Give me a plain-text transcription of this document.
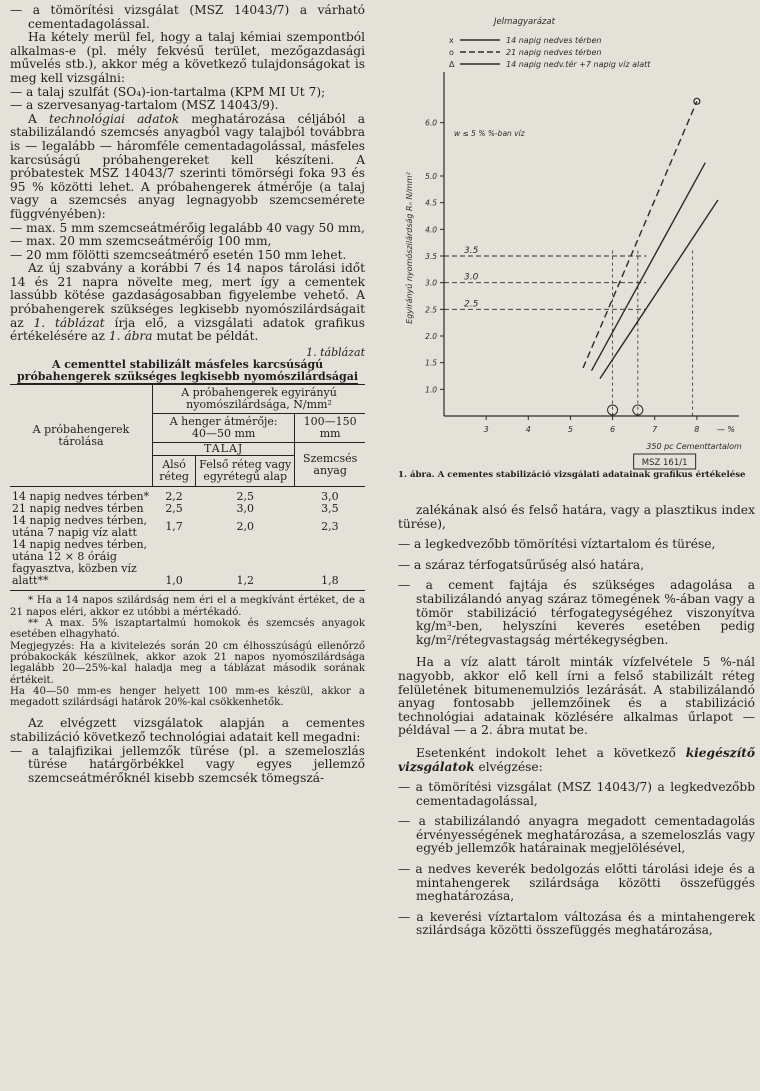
— a tömörítési vizsgálat (MSZ 14043/7) a várható cementadagolással.

Ha kétely merül fel, hogy a talaj kémiai szempontból alkalmas-e (pl. mély fekvésű terület, mezőgazdasági művelés stb.), akkor még a következő tulajdonságokat is meg kell vizsgálni:

— a talaj szulfát (SO₄)-ion-tartalma (KPM MI Ut 7);

— a szervesanyag-tartalom (MSZ 14043/9).

A technológiai adatok meghatározása céljából a stabilizálandó szemcsés anyagból vagy talajból továbbra is — legalább — háromféle cementadagolással, másfeles karcsúságú próbahengereket kell készíteni. A próbatestek MSZ 14043/7 szerinti tömörségi foka 93 és 95 % közötti lehet. A próbahengerek átmérője (a talaj vagy a szemcsés anyag legnagyobb szemcsemérete függvényében):

— max. 5 mm szemcseátmérőig legalább 40 vagy 50 mm,

— max. 20 mm szemcseátmérőig 100 mm,

— 20 mm fölötti szemcseátmérő esetén 150 mm lehet.

Az új szabvány a korábbi 7 és 14 napos tárolási időt 14 és 21 napra növelte meg, mert így a cementek lassúbb kötése gazdaságosabban figyelembe vehető. A próbahengerek szükséges legkisebb nyomószilárdságait az 1. táblázat írja elő, a vizsgálati adatok grafikus értékelésére az 1. ábra mutat be példát.

1. táblázat
A cementtel stabilizált másfeles karcsúságú
próbahengerek szükséges legkisebb nyomószilárdságai
A próbahengerek tárolása	A próbahengerek egyirányú nyomószilárdsága, N/mm²		
	A henger átmérője: 40—50 mm		100—150 mm
	TALAJ		Szemcsés anyag
	Alsó réteg	Felső réteg vagy egyrétegű alap	
14 napig nedves térben*	2,2	2,5	3,0
21 napig nedves térben	2,5	3,0	3,5
14 napig nedves térben, utána 7 napig víz alatt	1,7	2,0	2,3
14 napig nedves térben, utána 12 × 8 óráig fagyasztva, közben víz alatt**	1,0	1,2	1,8

* Ha a 14 napos szilárdság nem éri el a megkívánt értéket, de a 21 napos eléri, akkor ez utóbbi a mértékadó.

** A max. 5% iszaptartalmú homokok és szemcsés anyagok esetében elhagyható.

Megjegyzés: Ha a kivitelezés során 20 cm élhosszúságú ellenőrző próbakockák készülnek, akkor azok 21 napos nyomószilárdsága legalább 20—25%-kal haladja meg a táblázat második sorának értékeit.

Ha 40—50 mm-es henger helyett 100 mm-es készül, akkor a megadott szilárdsági határok 20%-kal csökkenhetők.

Az elvégzett vizsgálatok alapján a cementes stabilizáció következő technológiai adatait kell megadni:

— a talajfizikai jellemzők türése (pl. a szemeloszlás türése határgörbékkel vagy egyes jellemző szemcseátmérőknél kisebb szemcsék tömegszá-

1.0
1.5
2.0
2.5
3.0
3.5
4.0
4.5
5.0
6.0
3	4	5	6	7	8
3.5
3.0
2.5
Egyirányú nyomószilárdság Rₙ N/mm²
w ≤ 5 % %-ban víz
— %
350 pc Cementtartalom
MSZ 161/1
Jelmagyarázat
x	14 napig nedves térben
o	21 napig nedves térben
Δ	14 napig nedv.tér +7 napig víz alatt
1. ábra. A cementes stabilizáció vizsgálati adatainak grafikus értékelése

zalékának alsó és felső határa, vagy a plasztikus index türése),

— a legkedvezőbb tömörítési víztartalom és türése,

— a száraz térfogatsűrűség alsó határa,

— a cement fajtája és szükséges adagolása a stabilizálandó anyag száraz tömegének %-ában vagy a tömör stabilizáció térfogategységéhez viszonyítva kg/m³-ben, helyszíni keverés esetében pedig kg/m²/rétegvastagság mértékegységben.

Ha a víz alatt tárolt minták vízfelvétele 5 %-nál nagyobb, akkor elő kell írni a felső stabilizált réteg felületének bitumenemulziós lezárását. A stabilizálandó anyag fontosabb jellemzőinek és a stabilizáció technológiai adatainak közlésére alkalmas űrlapot — példával — a 2. ábra mutat be.

Esetenként indokolt lehet a következő kiegészítő vizsgálatok elvégzése:

— a tömörítési vizsgálat (MSZ 14043/7) a legkedvezőbb cementadagolással,

— a stabilizálandó anyagra megadott cementadagolás érvényességének meghatározása, a szemeloszlás vagy egyéb jellemzők határainak megjelölésével,

— a nedves keverék bedolgozás előtti tárolási ideje és a mintahengerek szilárdsága közötti összefüggés meghatározása,

— a keverési víztartalom változása és a mintahengerek szilárdsága közötti összefüggés meghatározása,
